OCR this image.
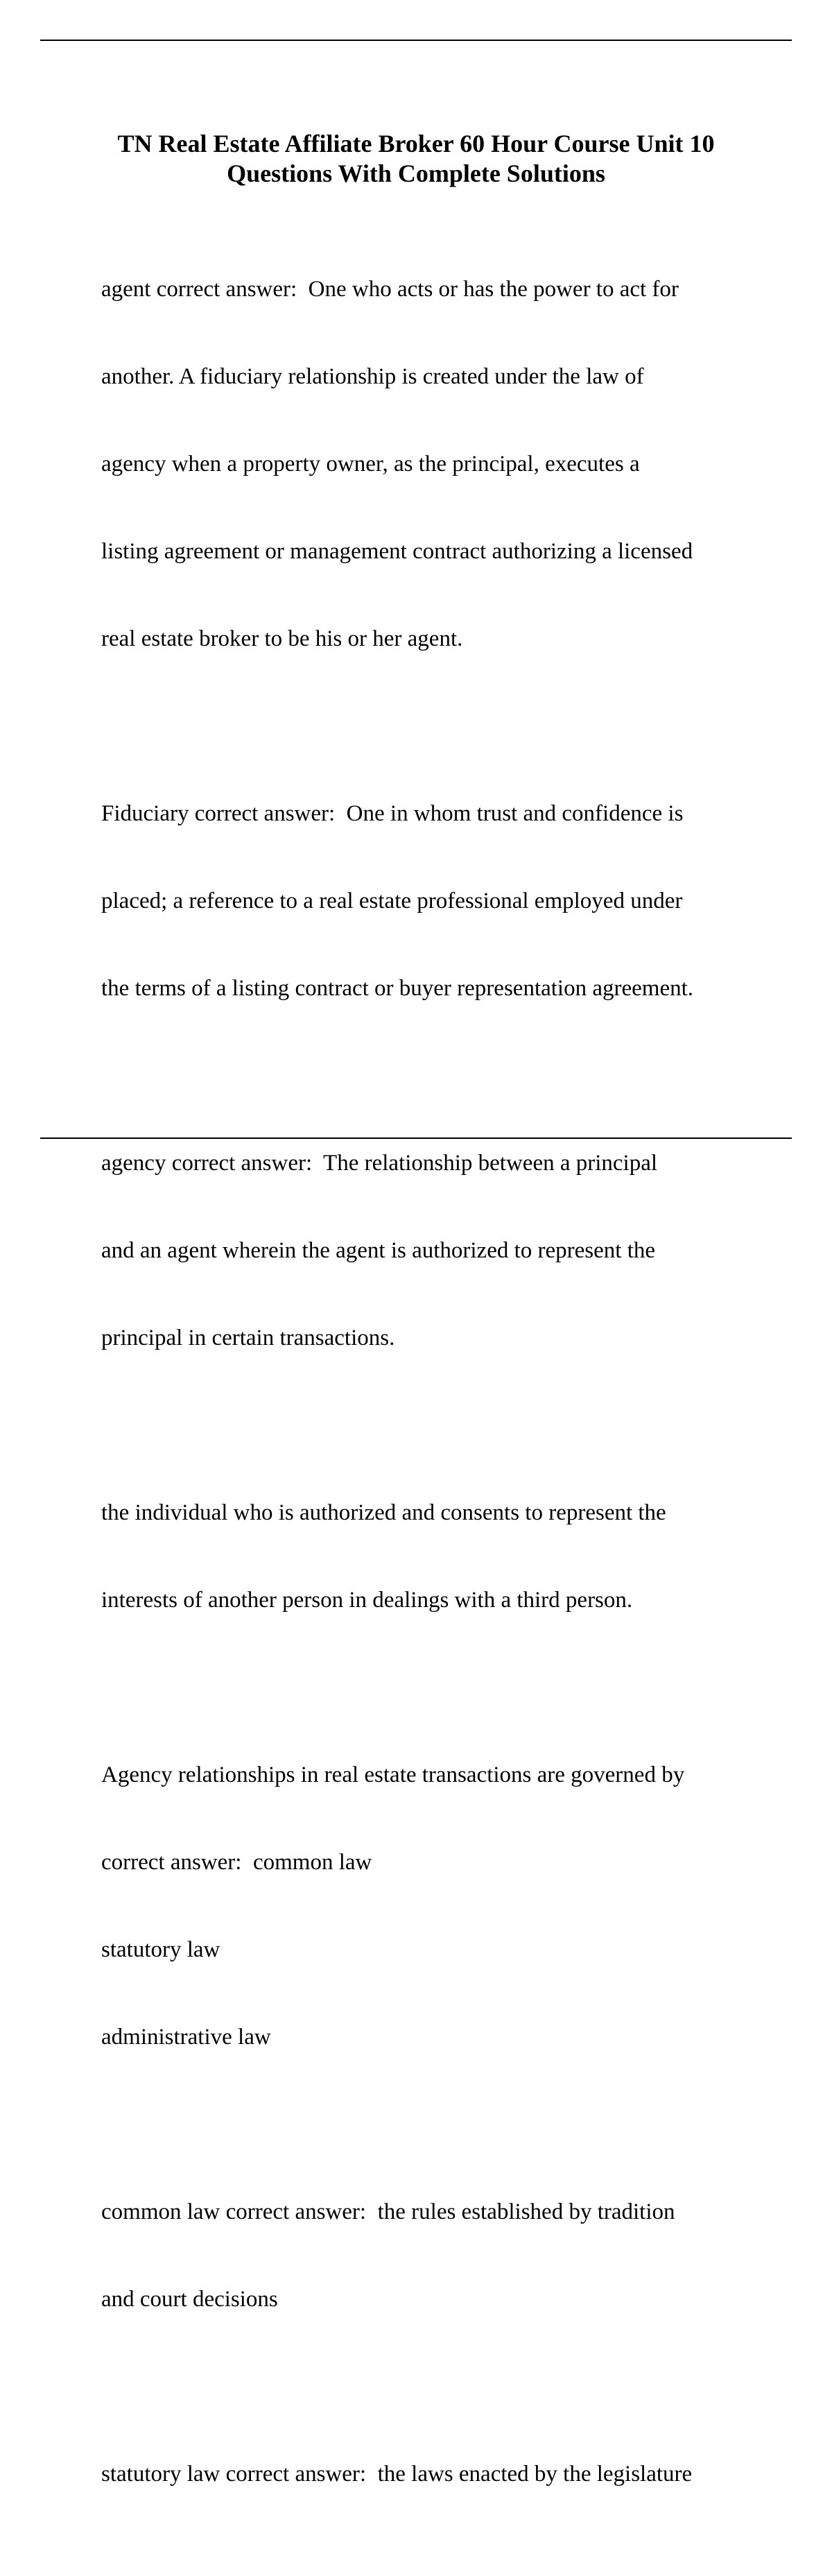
TN Real Estate Affiliate Broker 60 Hour Course Unit 10
Questions With Complete Solutions

agent correct answer:  One who acts or has the power to act for

another. A fiduciary relationship is created under the law of

agency when a property owner, as the principal, executes a

listing agreement or management contract authorizing a licensed

real estate broker to be his or her agent.

Fiduciary correct answer:  One in whom trust and confidence is

placed; a reference to a real estate professional employed under

the terms of a listing contract or buyer representation agreement.

agency correct answer:  The relationship between a principal

and an agent wherein the agent is authorized to represent the

principal in certain transactions.

the individual who is authorized and consents to represent the

interests of another person in dealings with a third person.

Agency relationships in real estate transactions are governed by

correct answer:  common law

statutory law

administrative law

common law correct answer:  the rules established by tradition

and court decisions

statutory law correct answer:  the laws enacted by the legislature
